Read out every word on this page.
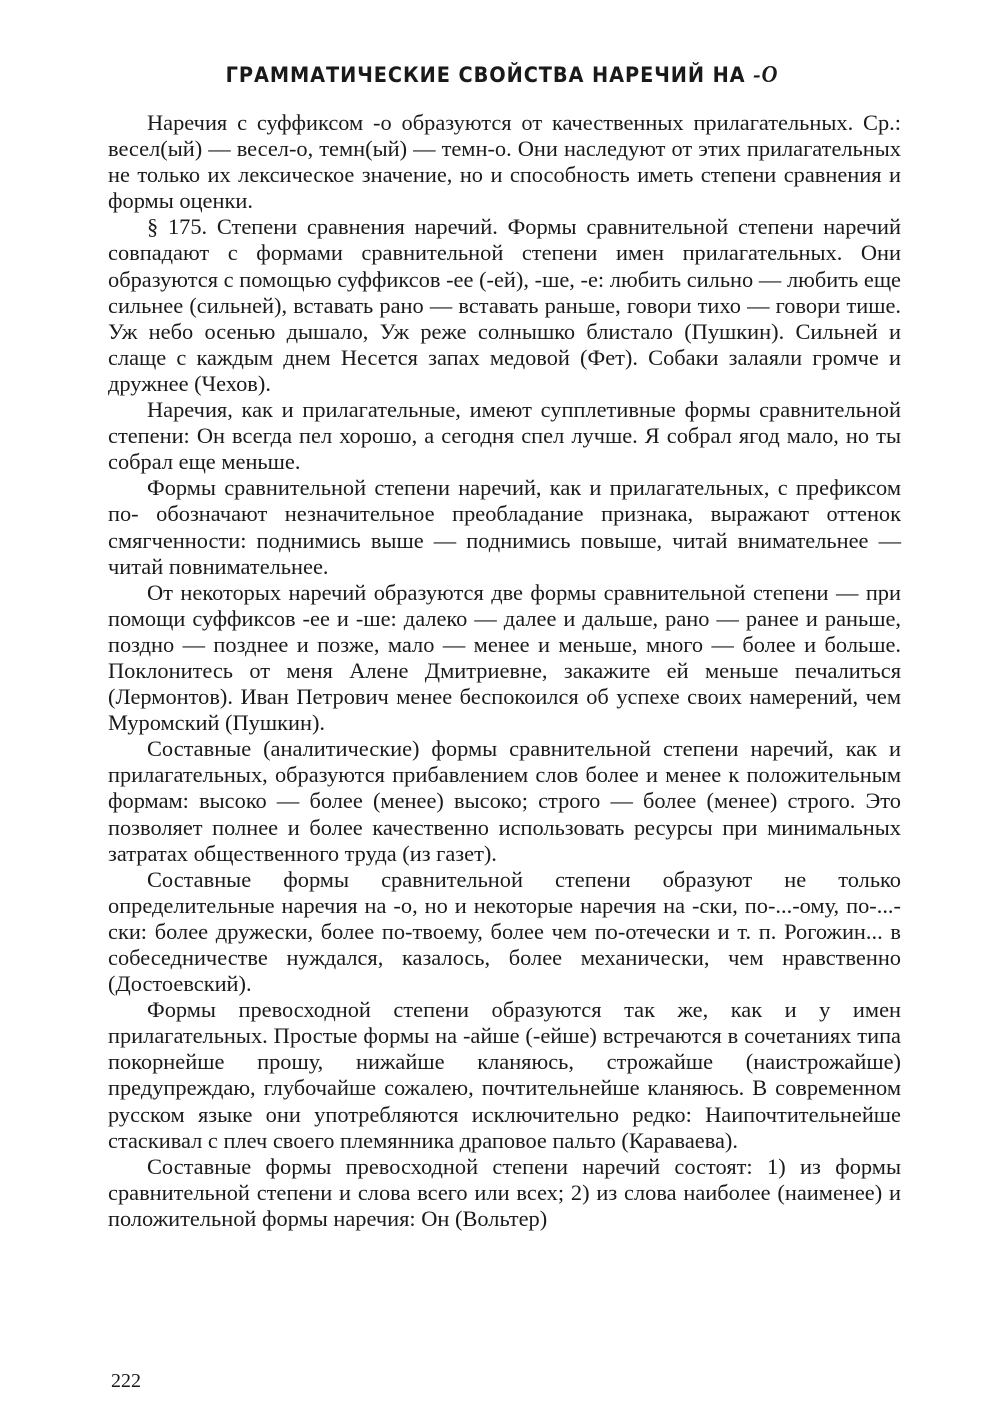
ГРАММАТИЧЕСКИЕ СВОЙСТВА НАРЕЧИЙ НА -О

Наречия с суффиксом -о образуются от качественных прилагательных. Ср.: весел(ый) — весел-о, темн(ый) — темн-о. Они наследуют от этих прилагательных не только их лексическое значение, но и способность иметь степени сравнения и формы оценки.

§ 175. Степени сравнения наречий. Формы сравнительной степени наречий совпадают с формами сравнительной степени имен прилагательных. Они образуются с помощью суффиксов -ее (-ей), -ше, -е: любить сильно — любить еще сильнее (сильней), вставать рано — вставать раньше, говори тихо — говори тише. Уж небо осенью дышало, Уж реже солнышко блистало (Пушкин). Сильней и слаще с каждым днем Несется запах медовой (Фет). Собаки залаяли громче и дружнее (Чехов).

Наречия, как и прилагательные, имеют супплетивные формы сравнительной степени: Он всегда пел хорошо, а сегодня спел лучше. Я собрал ягод мало, но ты собрал еще меньше.

Формы сравнительной степени наречий, как и прилагательных, с префиксом по- обозначают незначительное преобладание признака, выражают оттенок смягченности: поднимись выше — поднимись повыше, читай внимательнее — читай повнимательнее.

От некоторых наречий образуются две формы сравнительной степени — при помощи суффиксов -ее и -ше: далеко — далее и дальше, рано — ранее и раньше, поздно — позднее и позже, мало — менее и меньше, много — более и больше. Поклонитесь от меня Алене Дмитриевне, закажите ей меньше печалиться (Лермонтов). Иван Петрович менее беспокоился об успехе своих намерений, чем Муромский (Пушкин).

Составные (аналитические) формы сравнительной степени наречий, как и прилагательных, образуются прибавлением слов более и менее к положительным формам: высоко — более (менее) высоко; строго — более (менее) строго. Это позволяет полнее и более качественно использовать ресурсы при минимальных затратах общественного труда (из газет).

Составные формы сравнительной степени образуют не только определительные наречия на -о, но и некоторые наречия на -ски, по-...-ому, по-...-ски: более дружески, более по-твоему, более чем по-отечески и т. п. Рогожин... в собеседничестве нуждался, казалось, более механически, чем нравственно (Достоевский).

Формы превосходной степени образуются так же, как и у имен прилагательных. Простые формы на -айше (-ейше) встречаются в сочетаниях типа покорнейше прошу, нижайше кланяюсь, строжайше (наистрожайше) предупреждаю, глубочайше сожалею, почтительнейше кланяюсь. В современном русском языке они употребляются исключительно редко: Наипочтительнейше стаскивал с плеч своего племянника драповое пальто (Караваева).

Составные формы превосходной степени наречий состоят: 1) из формы сравнительной степени и слова всего или всех; 2) из слова наиболее (наименее) и положительной формы наречия: Он (Вольтер)

222
